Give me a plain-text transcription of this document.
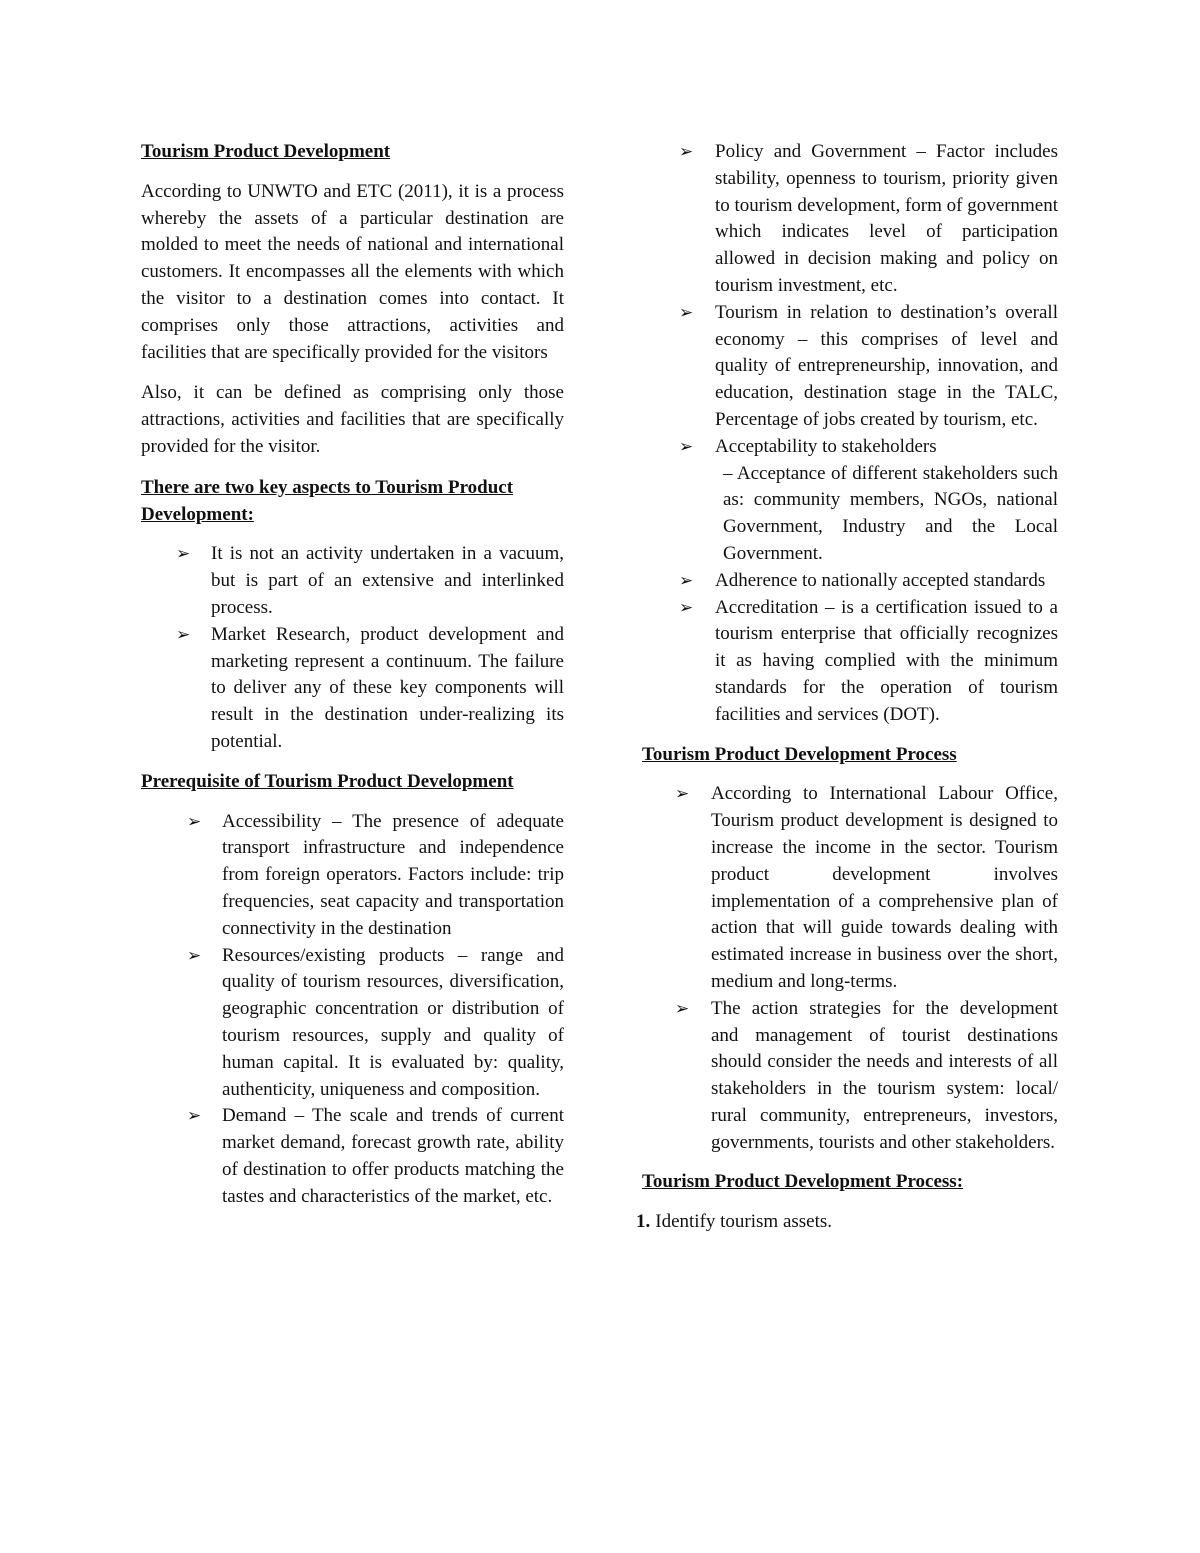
Tourism Product Development

According to UNWTO and ETC (2011), it is a process whereby the assets of a particular destination are molded to meet the needs of national and international customers. It encompasses all the elements with which the visitor to a destination comes into contact. It comprises only those attractions, activities and facilities that are specifically provided for the visitors

Also, it can be defined as comprising only those attractions, activities and facilities that are specifically provided for the visitor.

There are two key aspects to Tourism Product Development:
➢ It is not an activity undertaken in a vacuum, but is part of an extensive and interlinked process.
➢ Market Research, product development and marketing represent a continuum. The failure to deliver any of these key components will result in the destination under-realizing its potential.
Prerequisite of Tourism Product Development
➢ Accessibility – The presence of adequate transport infrastructure and independence from foreign operators. Factors include: trip frequencies, seat capacity and transportation connectivity in the destination
➢ Resources/existing products – range and quality of tourism resources, diversification, geographic concentration or distribution of tourism resources, supply and quality of human capital. It is evaluated by: quality, authenticity, uniqueness and composition.
➢ Demand – The scale and trends of current market demand, forecast growth rate, ability of destination to offer products matching the tastes and characteristics of the market, etc.
➢ Policy and Government – Factor includes stability, openness to tourism, priority given to tourism development, form of government which indicates level of participation allowed in decision making and policy on tourism investment, etc.
➢ Tourism in relation to destination’s overall economy – this comprises of level and quality of entrepreneurship, innovation, and education, destination stage in the TALC, Percentage of jobs created by tourism, etc.
➢ Acceptability to stakeholders
– Acceptance of different stakeholders such as: community members, NGOs, national Government, Industry and the Local Government.
➢ Adherence to nationally accepted standards
➢ Accreditation – is a certification issued to a tourism enterprise that officially recognizes it as having complied with the minimum standards for the operation of tourism facilities and services (DOT).
Tourism Product Development Process
➢ According to International Labour Office, Tourism product development is designed to increase the income in the sector. Tourism product development involves implementation of a comprehensive plan of action that will guide towards dealing with estimated increase in business over the short, medium and long-terms.
➢ The action strategies for the development and management of tourist destinations should consider the needs and interests of all stakeholders in the tourism system: local/ rural community, entrepreneurs, investors, governments, tourists and other stakeholders.
Tourism Product Development Process:
1. Identify tourism assets.
